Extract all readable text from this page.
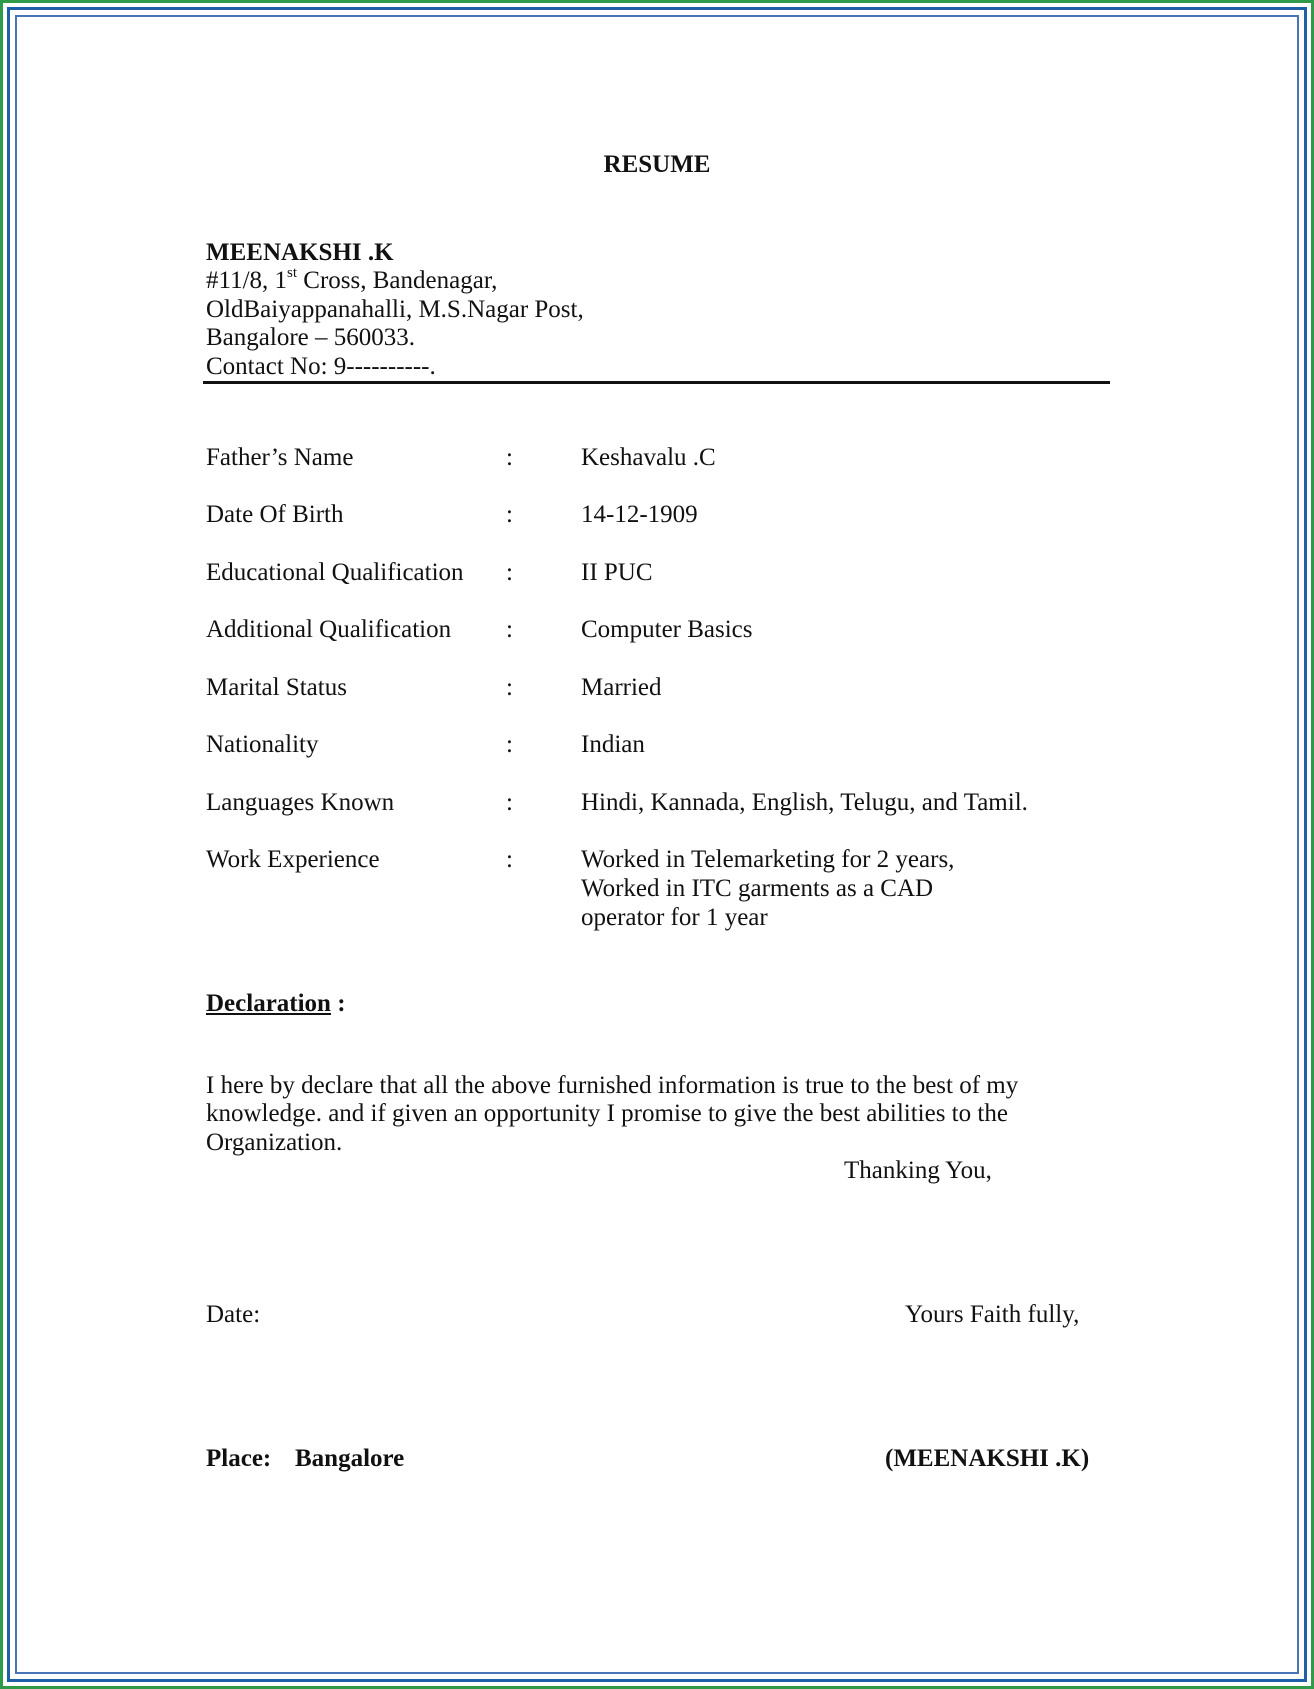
RESUME
MEENAKSHI .K
#11/8, 1st Cross, Bandenagar,
OldBaiyappanahalli, M.S.Nagar Post,
Bangalore – 560033.
Contact No: 9----------.
Father’s Name	:	Keshavalu .C
Date Of Birth	:	14-12-1909
Educational Qualification :	II PUC
Additional Qualification :	Computer Basics
Marital Status	:	Married
Nationality	:	Indian
Languages Known	:	Hindi, Kannada, English, Telugu, and Tamil.
Work Experience	:	Worked in Telemarketing for 2 years,
Worked in ITC garments as a CAD
operator for 1 year
Declaration :
I here by declare that all the above furnished information is true to the best of my
knowledge. and if given an opportunity I promise to give the best abilities to the
Organization.
Thanking You,
Date:	Yours Faith fully,
Place: Bangalore	(MEENAKSHI .K)
